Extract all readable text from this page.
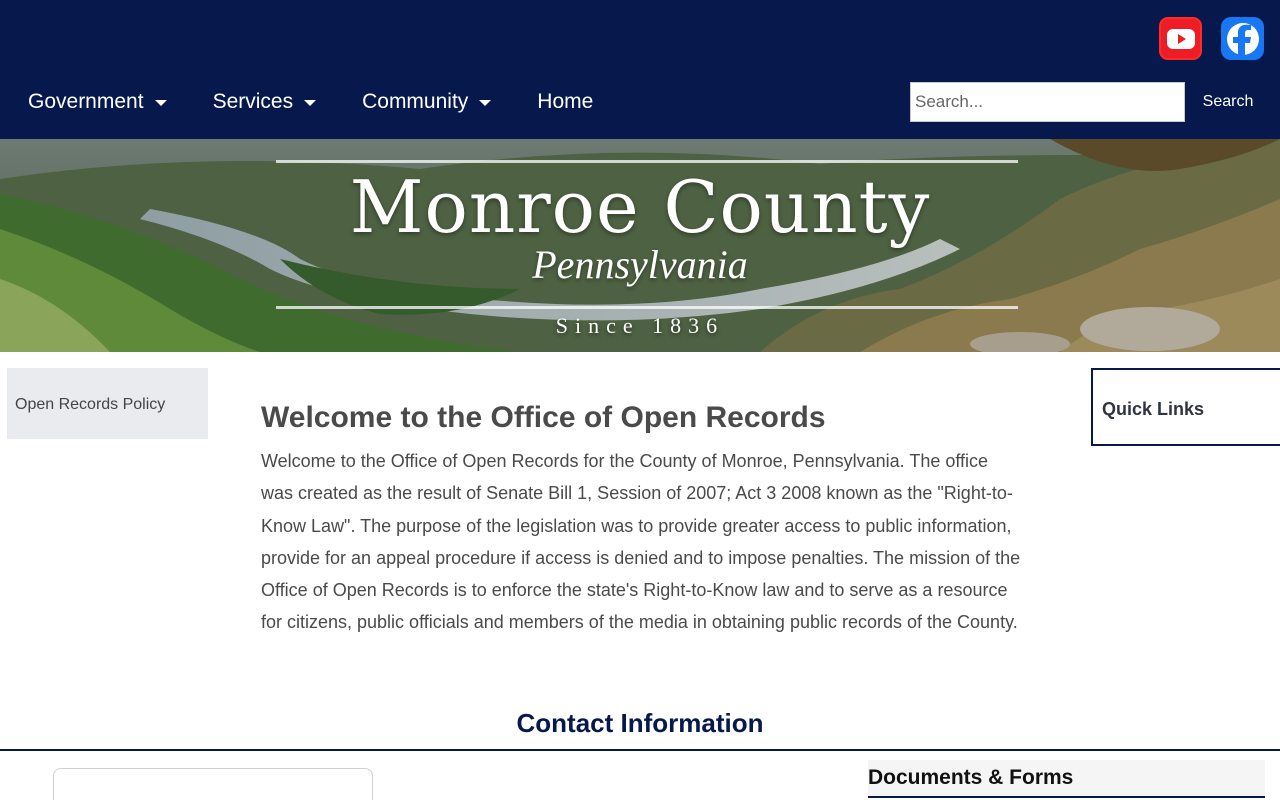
Government	Services	Community	Home
Search...	Search
Monroe County
Pennsylvania
Since 1836
Open Records Policy	Welcome to the Office of Open Records

Welcome to the Office of Open Records for the County of Monroe, Pennsylvania. The office was created as the result of Senate Bill 1, Session of 2007; Act 3 2008 known as the "Right-to-Know Law". The purpose of the legislation was to provide greater access to public information, provide for an appeal procedure if access is denied and to impose penalties. The mission of the Office of Open Records is to enforce the state's Right-to-Know law and to serve as a resource for citizens, public officials and members of the media in obtaining public records of the County.

Quick Links
Contact Information
Documents & Forms
